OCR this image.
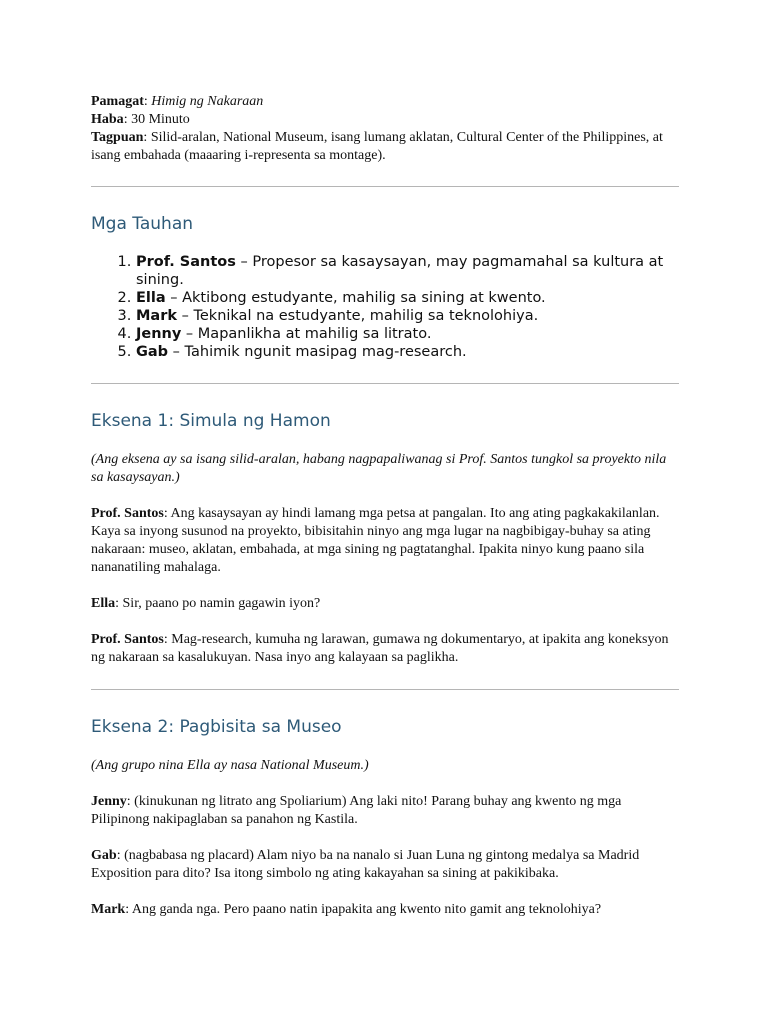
Pamagat: Himig ng Nakaraan

Haba: 30 Minuto

Tagpuan: Silid-aralan, National Museum, isang lumang aklatan, Cultural Center of the Philippines, at isang embahada (maaaring i-representa sa montage).

Mga Tauhan
1. Prof. Santos – Propesor sa kasaysayan, may pagmamahal sa kultura at sining.
2. Ella – Aktibong estudyante, mahilig sa sining at kwento.
3. Mark – Teknikal na estudyante, mahilig sa teknolohiya.
4. Jenny – Mapanlikha at mahilig sa litrato.
5. Gab – Tahimik ngunit masipag mag-research.
Eksena 1: Simula ng Hamon

(Ang eksena ay sa isang silid-aralan, habang nagpapaliwanag si Prof. Santos tungkol sa proyekto nila sa kasaysayan.)

Prof. Santos: Ang kasaysayan ay hindi lamang mga petsa at pangalan. Ito ang ating pagkakakilanlan. Kaya sa inyong susunod na proyekto, bibisitahin ninyo ang mga lugar na nagbibigay-buhay sa ating nakaraan: museo, aklatan, embahada, at mga sining ng pagtatanghal. Ipakita ninyo kung paano sila nananatiling mahalaga.

Ella: Sir, paano po namin gagawin iyon?

Prof. Santos: Mag-research, kumuha ng larawan, gumawa ng dokumentaryo, at ipakita ang koneksyon ng nakaraan sa kasalukuyan. Nasa inyo ang kalayaan sa paglikha.

Eksena 2: Pagbisita sa Museo

(Ang grupo nina Ella ay nasa National Museum.)

Jenny: (kinukunan ng litrato ang Spoliarium) Ang laki nito! Parang buhay ang kwento ng mga Pilipinong nakipaglaban sa panahon ng Kastila.

Gab: (nagbabasa ng placard) Alam niyo ba na nanalo si Juan Luna ng gintong medalya sa Madrid Exposition para dito? Isa itong simbolo ng ating kakayahan sa sining at pakikibaka.

Mark: Ang ganda nga. Pero paano natin ipapakita ang kwento nito gamit ang teknolohiya?
